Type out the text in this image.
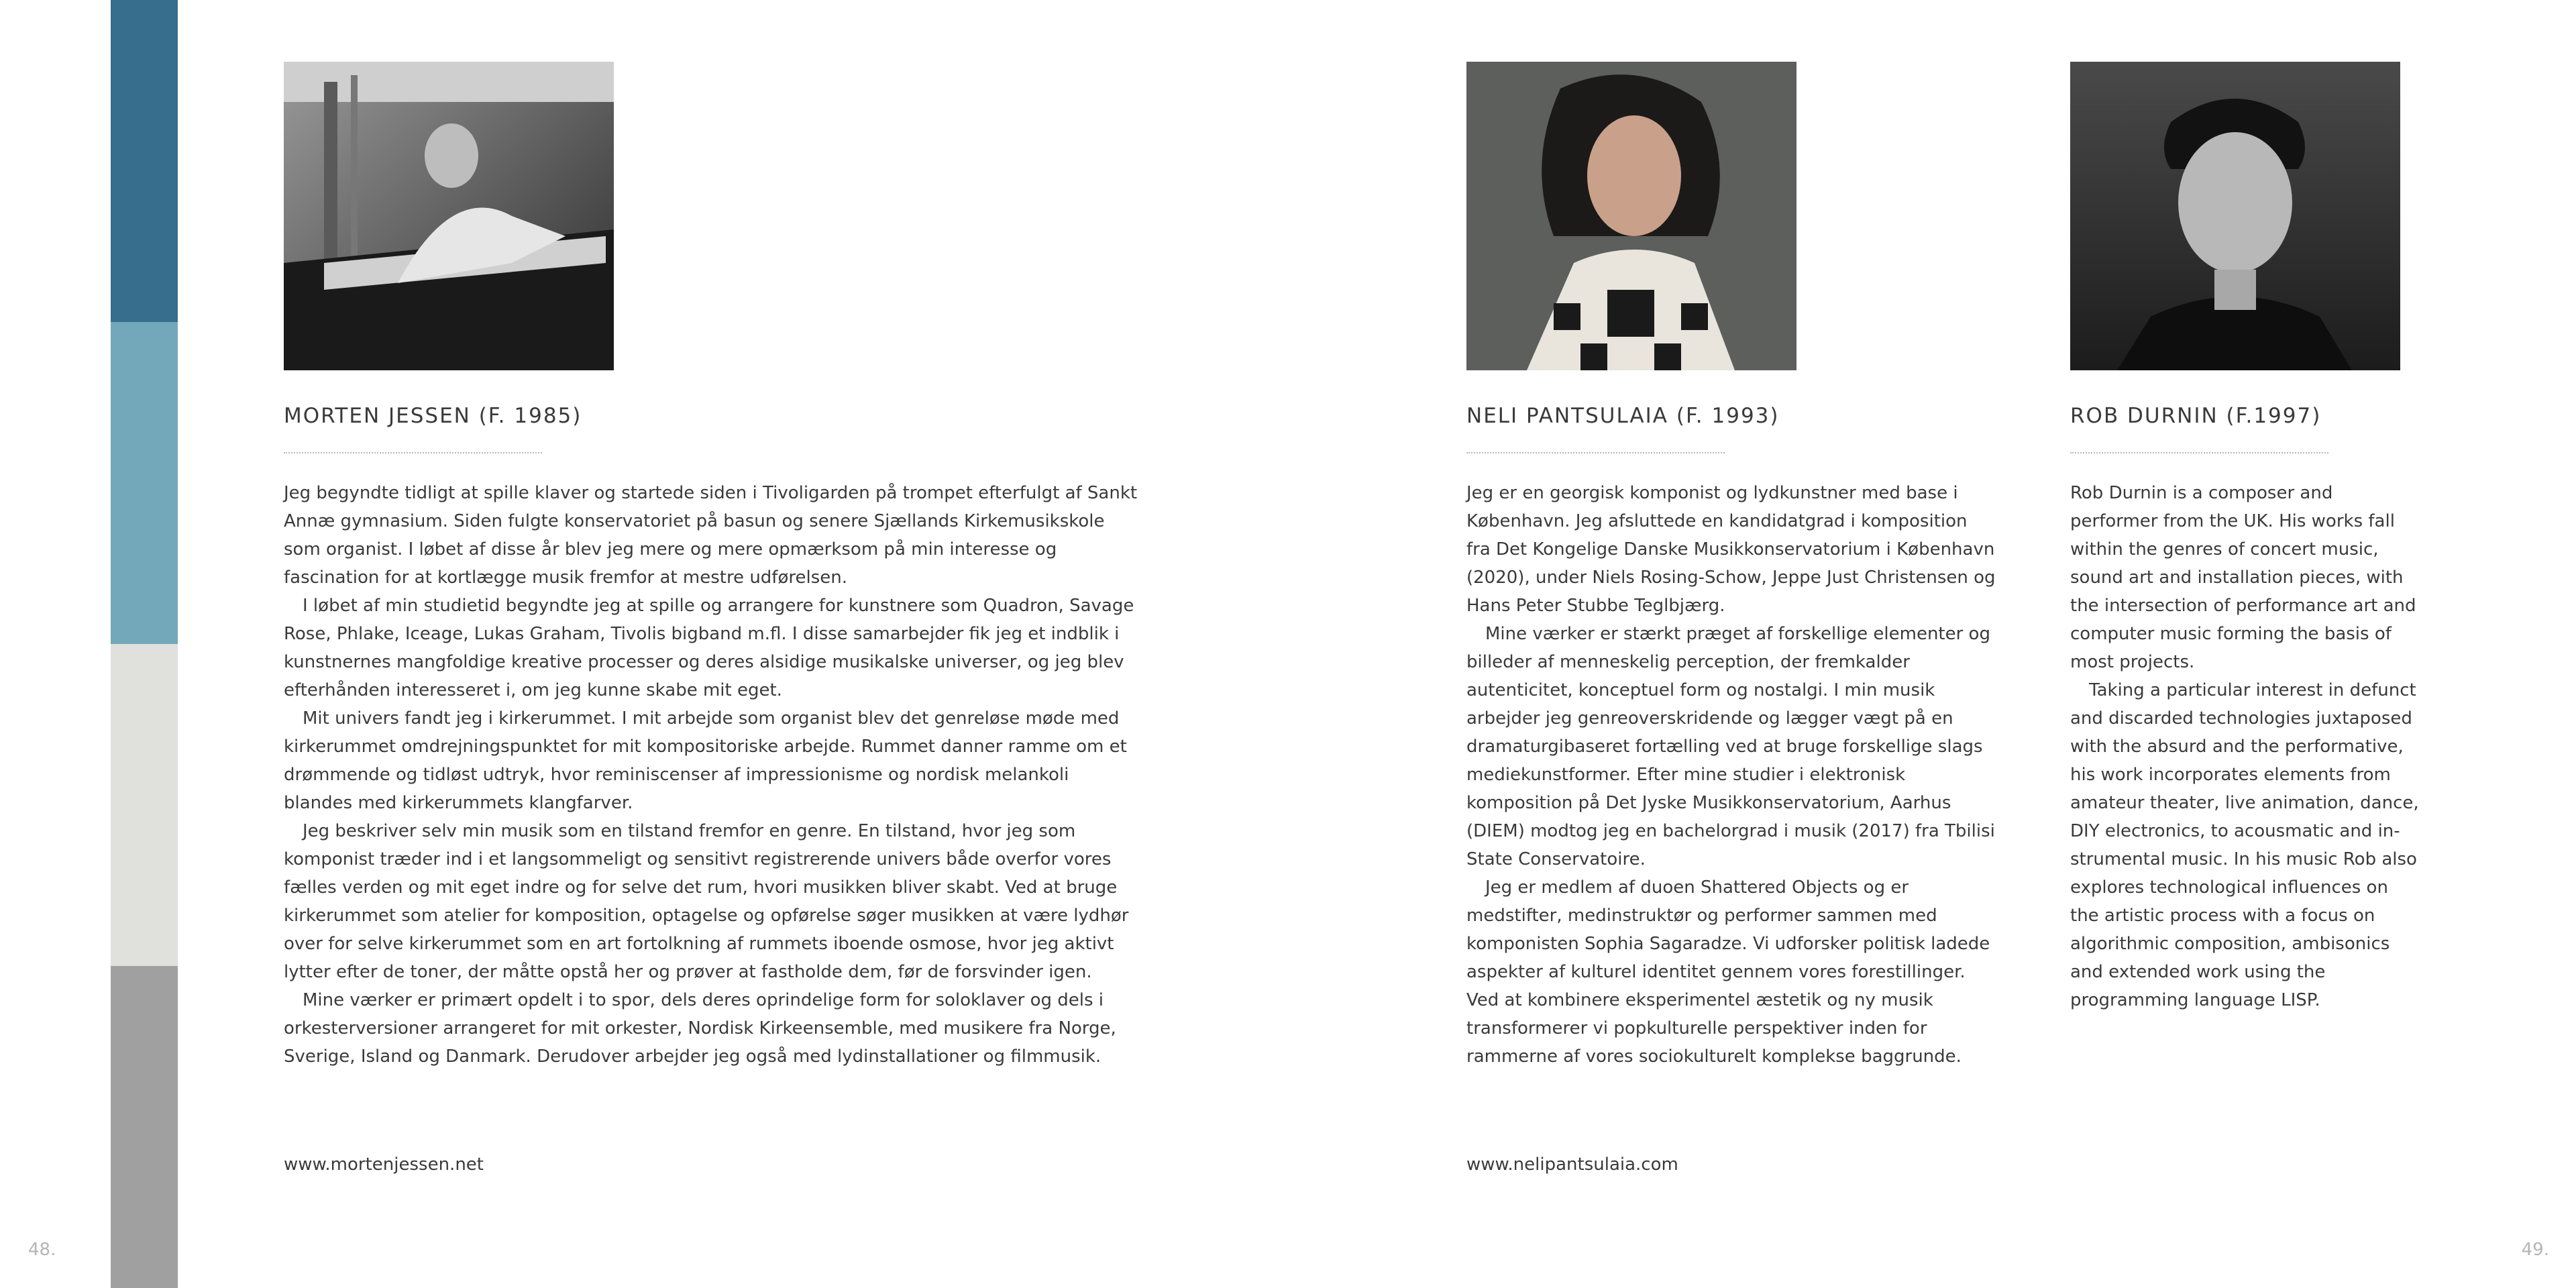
MORTEN JESSEN (F. 1985)

Jeg begyndte tidligt at spille klaver og startede siden i Tivoligarden på trompet efterfulgt af Sankt Annæ gymnasium. Siden fulgte konservatoriet på basun og senere Sjællands Kirkemusikskole som organist. I løbet af disse år blev jeg mere og mere opmærksom på min interesse og fascination for at kortlægge musik fremfor at mestre udførelsen.

I løbet af min studietid begyndte jeg at spille og arrangere for kunstnere som Quadron, Savage Rose, Phlake, Iceage, Lukas Graham, Tivolis bigband m.fl. I disse samarbejder fik jeg et indblik i kunstnernes mangfoldige kreative processer og deres alsidige musikalske universer, og jeg blev efterhånden interesseret i, om jeg kunne skabe mit eget.

Mit univers fandt jeg i kirkerummet. I mit arbejde som organist blev det genreløse møde med kirkerummet omdrejningspunktet for mit kompositoriske arbejde. Rummet danner ramme om et drømmende og tidløst udtryk, hvor reminiscenser af impressionisme og nordisk melankoli blandes med kirkerummets klangfarver.

Jeg beskriver selv min musik som en tilstand fremfor en genre. En tilstand, hvor jeg som komponist træder ind i et langsommeligt og sensitivt registrerende univers både overfor vores fælles verden og mit eget indre og for selve det rum, hvori musikken bliver skabt. Ved at bruge kirkerummet som atelier for komposition, optagelse og opførelse søger musikken at være lydhør over for selve kirkerummet som en art fortolkning af rummets iboende osmose, hvor jeg aktivt lytter efter de toner, der måtte opstå her og prøver at fastholde dem, før de forsvinder igen.

Mine værker er primært opdelt i to spor, dels deres oprindelige form for soloklaver og dels i orkesterversioner arrangeret for mit orkester, Nordisk Kirkeensemble, med musikere fra Norge, Sverige, Island og Danmark. Derudover arbejder jeg også med lydinstallationer og filmmusik.

www.mortenjessen.net
NELI PANTSULAIA (F. 1993)

Jeg er en georgisk komponist og lydkunstner med base i København. Jeg afsluttede en kandidatgrad i komposition fra Det Kongelige Danske Musikkonservatorium i København (2020), under Niels Rosing-Schow, Jeppe Just Christensen og Hans Peter Stubbe Teglbjærg.

Mine værker er stærkt præget af forskellige elementer og billeder af menneskelig perception, der fremkalder autenticitet, konceptuel form og nostalgi. I min musik arbejder jeg genreoverskridende og lægger vægt på en dramaturgibaseret fortælling ved at bruge forskellige slags mediekunstformer. Efter mine studier i elektronisk komposition på Det Jyske Musikkonservatorium, Aarhus (DIEM) modtog jeg en bachelorgrad i musik (2017) fra Tbilisi State Conservatoire.

Jeg er medlem af duoen Shattered Objects og er medstifter, medinstruktør og performer sammen med komponisten Sophia Sagaradze. Vi udforsker politisk ladede aspekter af kulturel identitet gennem vores forestillinger. Ved at kombinere eksperimentel æstetik og ny musik transformerer vi popkulturelle perspektiver inden for rammerne af vores sociokulturelt komplekse baggrunde.

www.nelipantsulaia.com
ROB DURNIN (F.1997)

Rob Durnin is a composer and performer from the UK. His works fall within the genres of concert music, sound art and installation pieces, with the intersection of performance art and computer music forming the basis of most projects.

Taking a particular interest in defunct and discarded technologies juxtaposed with the absurd and the performative, his work incorporates elements from amateur theater, live animation, dance, DIY electronics, to acousmatic and instrumental music. In his music Rob also explores technological influences on the artistic process with a focus on algorithmic composition, ambisonics and extended work using the programming language LISP.

48.	49.
